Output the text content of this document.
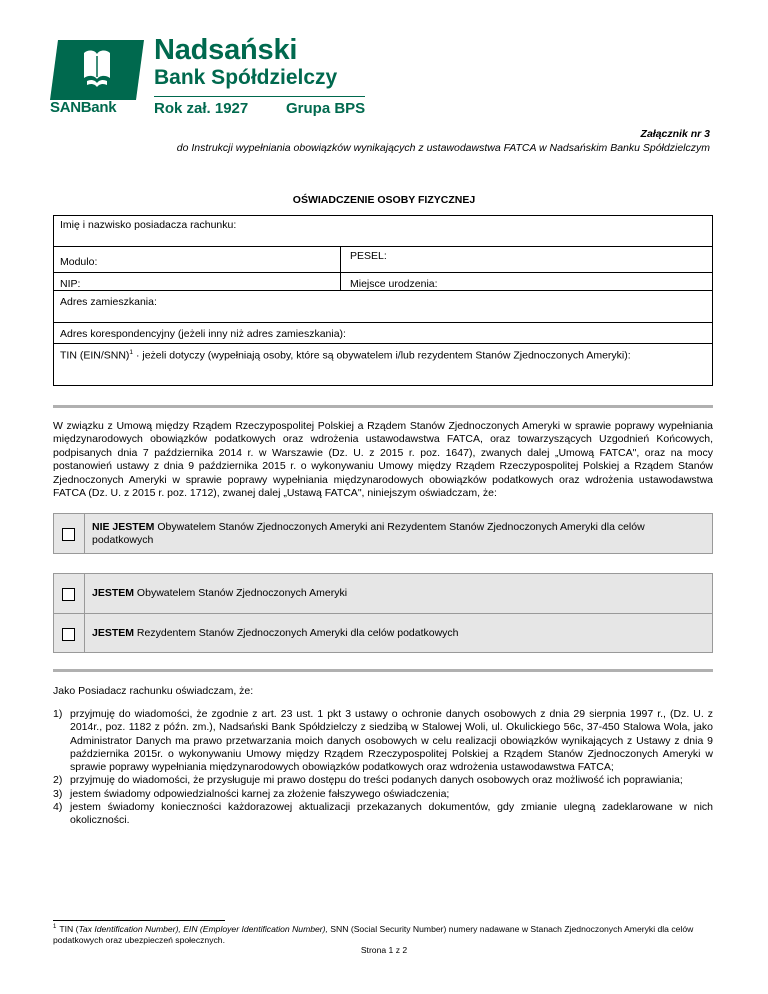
SANBank
Nadsański
Bank Spółdzielczy
Rok zał. 1927	Grupa BPS
Załącznik nr 3
do Instrukcji wypełniania obowiązków wynikających z ustawodawstwa FATCA w Nadsańskim Banku Spółdzielczym
OŚWIADCZENIE OSOBY FIZYCZNEJ
Imię i nazwisko posiadacza rachunku:
Modulo:	PESEL:
NIP:	Miejsce urodzenia:
Adres zamieszkania:
Adres korespondencyjny (jeżeli inny niż adres zamieszkania):
TIN (EIN/SNN)$^1$ · jeżeli dotyczy (wypełniają osoby, które są obywatelem i/lub rezydentem Stanów Zjednoczonych Ameryki):
W związku z Umową między Rządem Rzeczypospolitej Polskiej a Rządem Stanów Zjednoczonych Ameryki w sprawie poprawy wypełniania międzynarodowych obowiązków podatkowych oraz wdrożenia ustawodawstwa FATCA, oraz towarzyszących Uzgodnień Końcowych, podpisanych dnia 7 października 2014 r. w Warszawie (Dz. U. z 2015 r. poz. 1647), zwanych dalej „Umową FATCA", oraz na mocy postanowień ustawy z dnia 9 października 2015 r. o wykonywaniu Umowy między Rządem Rzeczypospolitej Polskiej a Rządem Stanów Zjednoczonych Ameryki w sprawie poprawy wypełniania międzynarodowych obowiązków podatkowych oraz wdrożenia ustawodawstwa FATCA (Dz. U. z 2015 r. poz. 1712), zwanej dalej „Ustawą FATCA", niniejszym oświadczam, że:
NIE JESTEM Obywatelem Stanów Zjednoczonych Ameryki ani Rezydentem Stanów Zjednoczonych Ameryki dla celów podatkowych
JESTEM Obywatelem Stanów Zjednoczonych Ameryki
JESTEM Rezydentem Stanów Zjednoczonych Ameryki dla celów podatkowych
Jako Posiadacz rachunku oświadczam, że:
1) przyjmuję do wiadomości, że zgodnie z art. 23 ust. 1 pkt 3 ustawy o ochronie danych osobowych z dnia 29 sierpnia 1997 r., (Dz. U. z 2014r., poz. 1182 z późn. zm.), Nadsański Bank Spółdzielczy z siedzibą w Stalowej Woli, ul. Okulickiego 56c, 37-450 Stalowa Wola, jako Administrator Danych ma prawo przetwarzania moich danych osobowych w celu realizacji obowiązków wynikających z Ustawy z dnia 9 października 2015r. o wykonywaniu Umowy między Rządem Rzeczypospolitej Polskiej a Rządem Stanów Zjednoczonych Ameryki w sprawie poprawy wypełniania międzynarodowych obowiązków podatkowych oraz wdrożenia ustawodawstwa FATCA;
2) przyjmuję do wiadomości, że przysługuje mi prawo dostępu do treści podanych danych osobowych oraz możliwość ich poprawiania;
3) jestem świadomy odpowiedzialności karnej za złożenie fałszywego oświadczenia;
4) jestem świadomy konieczności każdorazowej aktualizacji przekazanych dokumentów, gdy zmianie ulegną zadeklarowane w nich okoliczności.
$^1$ TIN (Tax Identification Number), EIN (Employer Identification Number), SNN (Social Security Number) numery nadawane w Stanach Zjednoczonych Ameryki dla celów podatkowych oraz ubezpieczeń społecznych.
Strona 1 z 2
